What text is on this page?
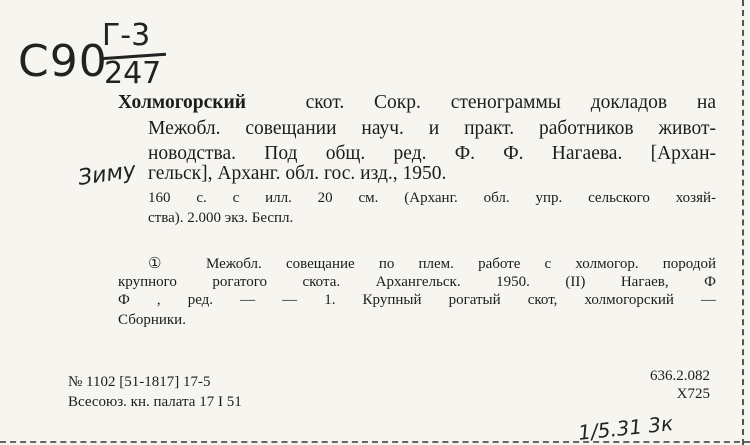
С90
Г-3
247
Зиму
Холмогорский	скот. Сокр. стенограммы докладов на
Межобл. совещании науч. и практ. работников живот-
новодства. Под общ. ред. Ф. Ф. Нагаева. [Архан-
гельск], Арханг. обл. гос. изд., 1950.
160 с. с илл. 20 см. (Арханг. обл. упр. сельского хозяй-
ства). 2.000 экз. Беспл.
① Межобл. совещание по плем. работе с холмогор. породой
крупного рогатого скота. Архангельск. 1950. (II) Нагаев, Ф
Ф , ред. — — 1. Крупный рогатый скот, холмогорский —
Сборники.
№ 1102 [51-1817] 17-5
Всесоюз. кн. палата 17 I 51
636.2.082
Х725
1/5.31 3к
